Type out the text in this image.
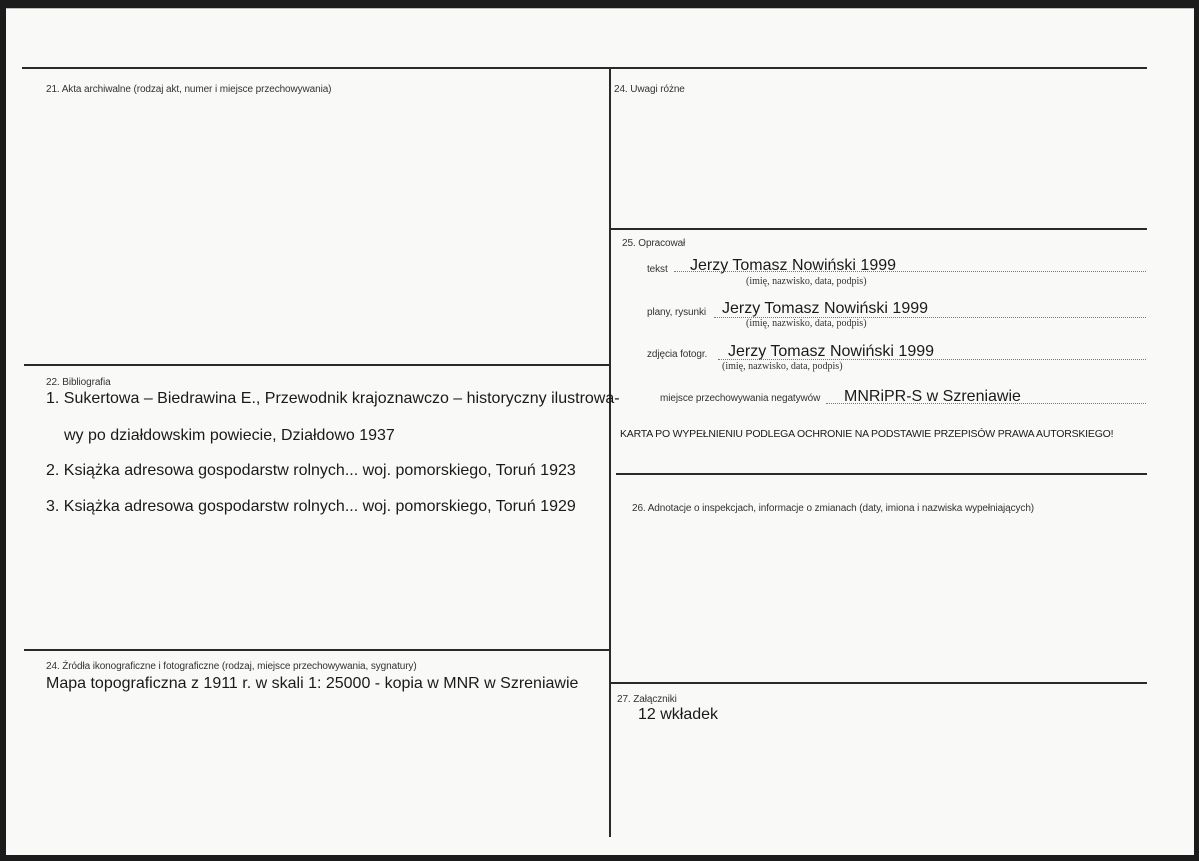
21. Akta archiwalne (rodzaj akt, numer i miejsce przechowywania)
22. Bibliografia
1. Sukertowa – Biedrawina E., Przewodnik krajoznawczo – historyczny ilustrowa-
wy po działdowskim powiecie, Działdowo 1937
2. Książka adresowa gospodarstw rolnych... woj. pomorskiego, Toruń 1923
3. Książka adresowa gospodarstw rolnych... woj. pomorskiego, Toruń 1929
24. Źródła ikonograficzne i fotograficzne (rodzaj, miejsce przechowywania, sygnatury)
Mapa topograficzna z 1911 r. w skali 1: 25000 - kopia w MNR w Szreniawie
24. Uwagi różne
25. Opracował
tekst Jerzy Tomasz Nowiński 1999
(imię, nazwisko, data, podpis)
plany, rysunki Jerzy Tomasz Nowiński 1999
(imię, nazwisko, data, podpis)
zdjęcia fotogr. Jerzy Tomasz Nowiński 1999
(imię, nazwisko, data, podpis)
miejsce przechowywania negatywów MNRiPR-S w Szreniawie
KARTA PO WYPEŁNIENIU PODLEGA OCHRONIE NA PODSTAWIE PRZEPISÓW PRAWA AUTORSKIEGO!
26. Adnotacje o inspekcjach, informacje o zmianach (daty, imiona i nazwiska wypełniających)
27. Załączniki
12 wkładek
